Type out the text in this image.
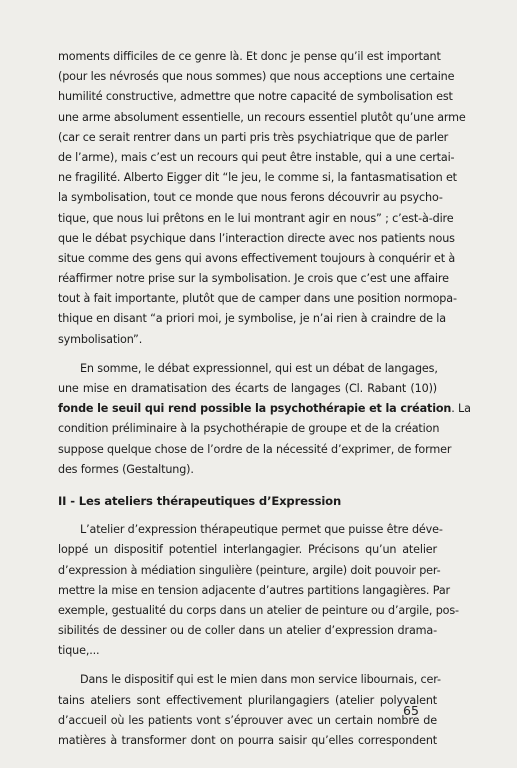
moments difficiles de ce genre là. Et donc je pense qu’il est important
(pour les névrosés que nous sommes) que nous acceptions une certaine
humilité constructive, admettre que notre capacité de symbolisation est
une arme absolument essentielle, un recours essentiel plutôt qu’une arme
(car ce serait rentrer dans un parti pris très psychiatrique que de parler
de l’arme), mais c’est un recours qui peut être instable, qui a une certai-
ne fragilité. Alberto Eigger dit “le jeu, le comme si, la fantasmatisation et
la symbolisation, tout ce monde que nous ferons découvrir au psycho-
tique, que nous lui prêtons en le lui montrant agir en nous” ; c’est-à-dire
que le débat psychique dans l’interaction directe avec nos patients nous
situe comme des gens qui avons effectivement toujours à conquérir et à
réaffirmer notre prise sur la symbolisation. Je crois que c’est une affaire
tout à fait importante, plutôt que de camper dans une position normopa-
thique en disant “a priori moi, je symbolise, je n’ai rien à craindre de la
symbolisation”.
En somme, le débat expressionnel, qui est un débat de langages,
une mise en dramatisation des écarts de langages (Cl. Rabant (10))
fonde le seuil qui rend possible la psychothérapie et la création. La
condition préliminaire à la psychothérapie de groupe et de la création
suppose quelque chose de l’ordre de la nécessité d’exprimer, de former
des formes (Gestaltung).
II - Les ateliers thérapeutiques d’Expression
L’atelier d’expression thérapeutique permet que puisse être déve-
loppé un dispositif potentiel interlangagier. Précisons qu’un atelier
d’expression à médiation singulière (peinture, argile) doit pouvoir per-
mettre la mise en tension adjacente d’autres partitions langagières. Par
exemple, gestualité du corps dans un atelier de peinture ou d’argile, pos-
sibilités de dessiner ou de coller dans un atelier d’expression drama-
tique,...
Dans le dispositif qui est le mien dans mon service libournais, cer-
tains ateliers sont effectivement plurilangagiers (atelier polyvalent
d’accueil où les patients vont s’éprouver avec un certain nombre de
matières à transformer dont on pourra saisir qu’elles correspondent
65
